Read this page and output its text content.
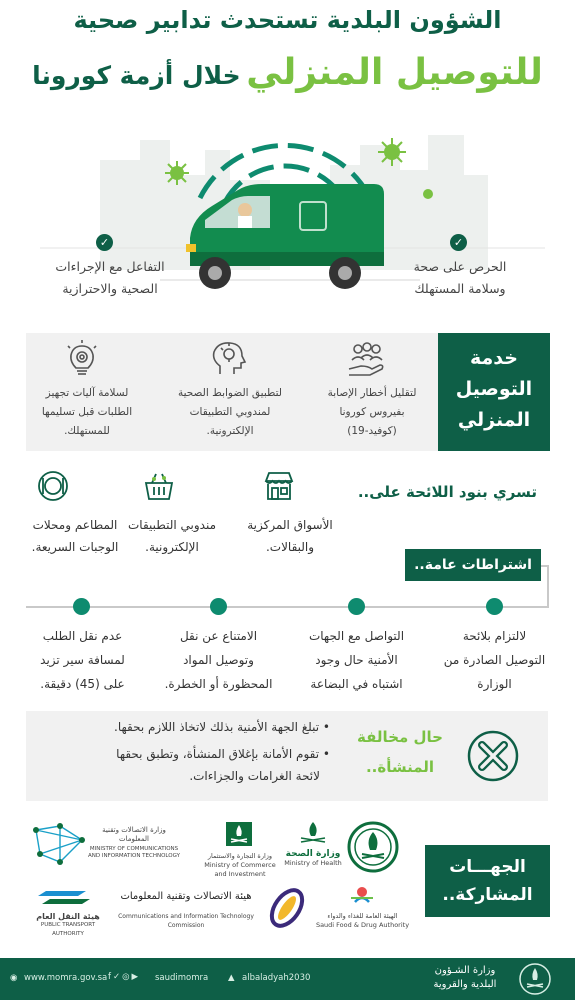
الشؤون البلدية تستحدث تدابير صحية
للتوصيل المنزلي خلال أزمة كورونا
✓
الحرص على صحة
وسلامة المستهلك
✓
التفاعل مع الإجراءات
الصحية والاحترازية
خدمة
التوصيل
المنزلي
لتقليل أخطار الإصابة
بفيروس كورونا
(كوفيد-19)
لتطبيق الضوابط الصحية
لمندوبي التطبيقات
الإلكترونية.
لسلامة آليات تجهيز
الطلبات قبل تسليمها
للمستهلك.
تسري بنود اللائحة على..
الأسواق المركزية
والبقالات.
مندوبي التطبيقات
الإلكترونية.
المطاعم ومحلات
الوجبات السريعة.
اشتراطات عامة..
لالتزام بلائحة
التوصيل الصادرة من
الوزارة
التواصل مع الجهات
الأمنية حال وجود
اشتباه في البضاعة
الامتناع عن نقل
وتوصيل المواد
المحظورة أو الخطرة.
عدم نقل الطلب
لمسافة سير تزيد
على (45) دقيقة.
حال مخالفة
المنشأة..
• تبلغ الجهة الأمنية بذلك لاتخاذ اللازم بحقها.
• تقوم الأمانة بإغلاق المنشأة، وتطبق بحقها
لائحة الغرامات والجزاءات.
الجهـــات
المشاركة..
وزارة الصحة
Ministry of Health
وزارة التجارة والاستثمار
Ministry of Commerce and Investment
وزارة الاتصالات وتقنية المعلومات
MINISTRY OF COMMUNICATIONS AND INFORMATION TECHNOLOGY
الهيئة العامة للغذاء والدواء
Saudi Food & Drug Authority
هيئة الاتصالات وتقنية المعلومات
Communications and Information Technology Commission
هيئة النقل العام
PUBLIC TRANSPORT AUTHORITY
◉ www.momra.gov.sa f✓◎▶ saudimomra ▲ albaladyah2030
وزارة الشـؤون
البلدية والقروية
